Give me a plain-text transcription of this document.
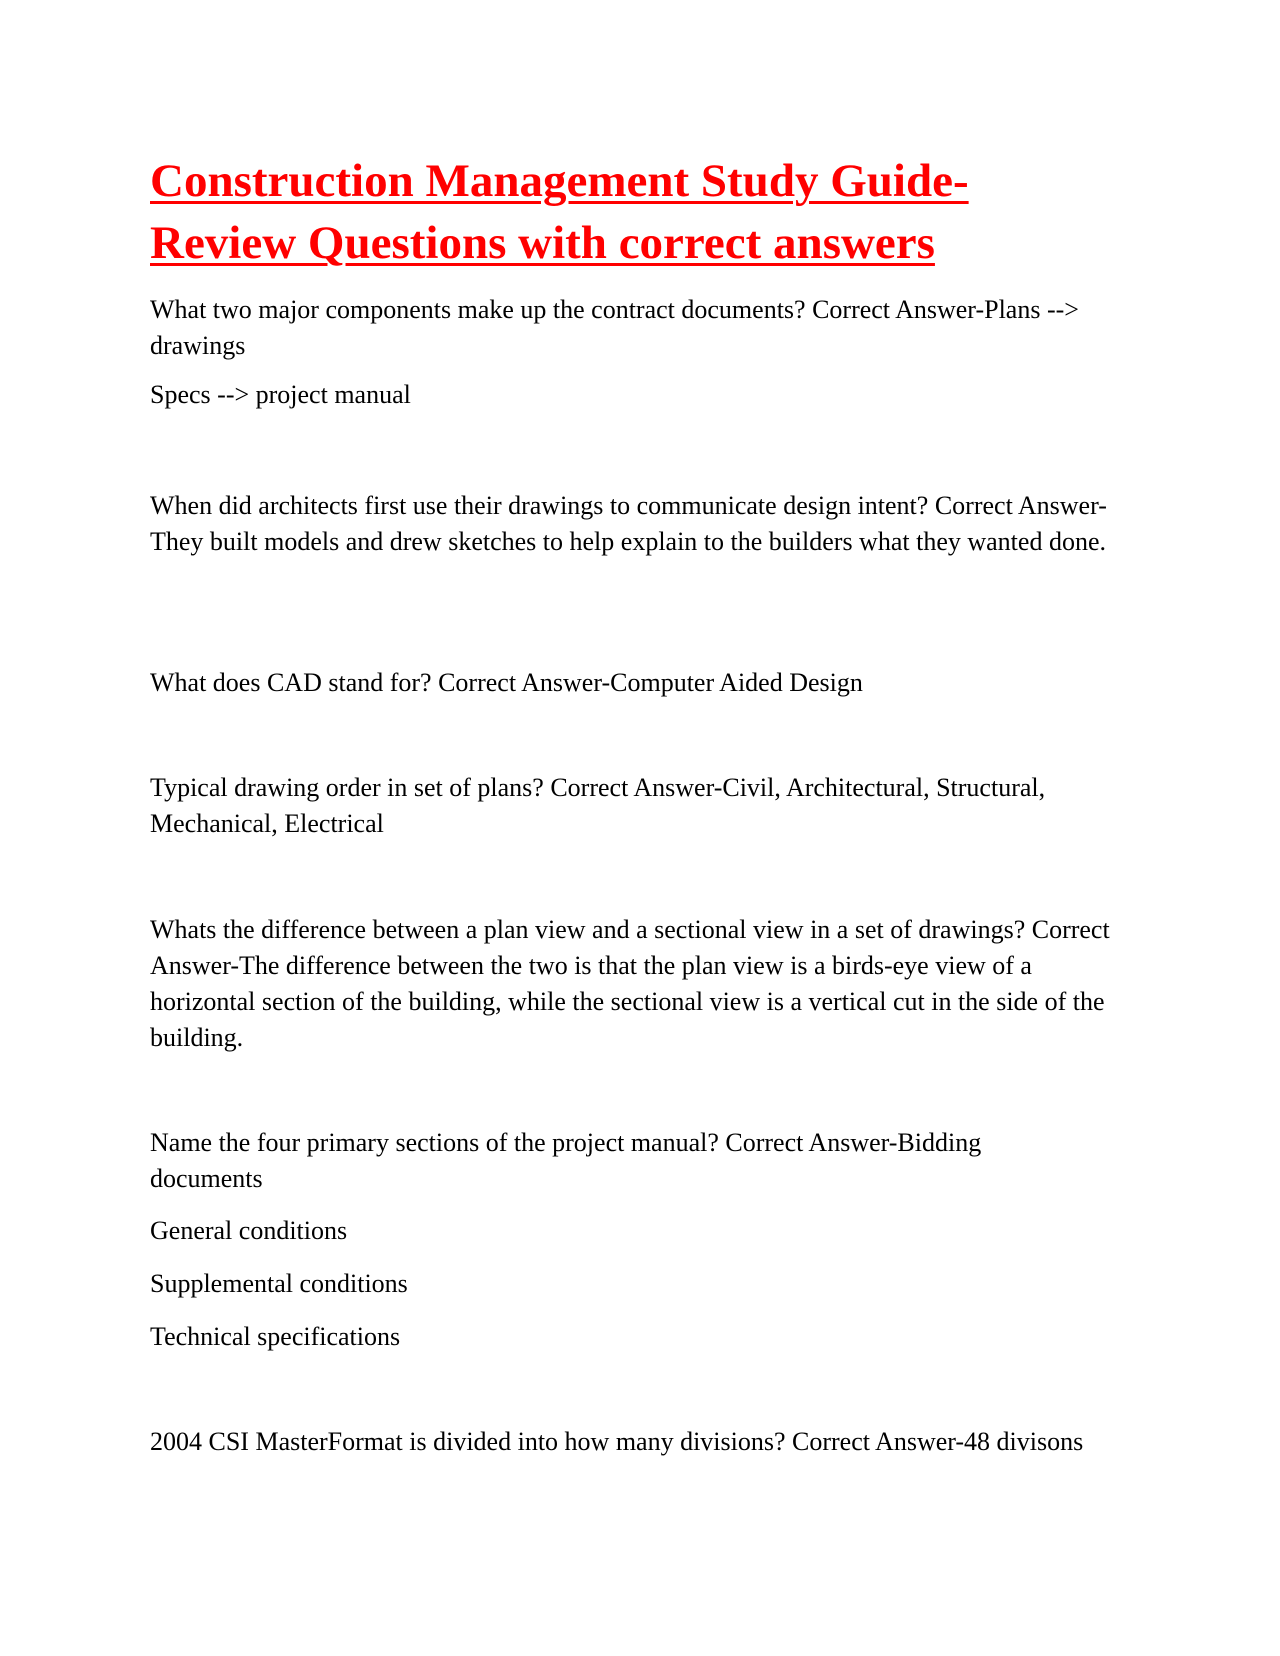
Construction Management Study Guide-
Review Questions with correct answers

What two major components make up the contract documents? Correct Answer-Plans --> drawings

Specs --> project manual

When did architects first use their drawings to communicate design intent? Correct Answer-They built models and drew sketches to help explain to the builders what they wanted done.

What does CAD stand for? Correct Answer-Computer Aided Design

Typical drawing order in set of plans? Correct Answer-Civil, Architectural, Structural, Mechanical, Electrical

Whats the difference between a plan view and a sectional view in a set of drawings? Correct Answer-The difference between the two is that the plan view is a birds-eye view of a horizontal section of the building, while the sectional view is a vertical cut in the side of the building.

Name the four primary sections of the project manual? Correct Answer-Bidding documents

General conditions

Supplemental conditions

Technical specifications

2004 CSI MasterFormat is divided into how many divisions? Correct Answer-48 divisons
